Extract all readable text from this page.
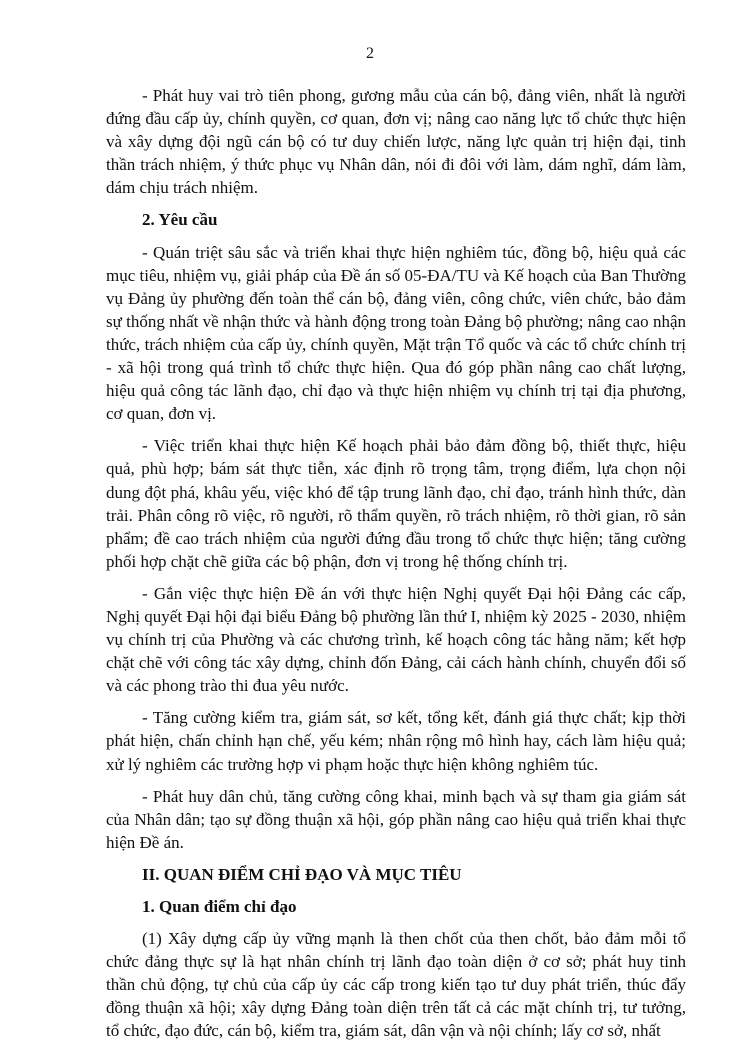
2

- Phát huy vai trò tiên phong, gương mẫu của cán bộ, đảng viên, nhất là người đứng đầu cấp ủy, chính quyền, cơ quan, đơn vị; nâng cao năng lực tổ chức thực hiện và xây dựng đội ngũ cán bộ có tư duy chiến lược, năng lực quản trị hiện đại, tinh thần trách nhiệm, ý thức phục vụ Nhân dân, nói đi đôi với làm, dám nghĩ, dám làm, dám chịu trách nhiệm.

2. Yêu cầu

- Quán triệt sâu sắc và triển khai thực hiện nghiêm túc, đồng bộ, hiệu quả các mục tiêu, nhiệm vụ, giải pháp của Đề án số 05-ĐA/TU và Kế hoạch của Ban Thường vụ Đảng ủy phường đến toàn thể cán bộ, đảng viên, công chức, viên chức, bảo đảm sự thống nhất về nhận thức và hành động trong toàn Đảng bộ phường; nâng cao nhận thức, trách nhiệm của cấp ủy, chính quyền, Mặt trận Tổ quốc và các tổ chức chính trị - xã hội trong quá trình tổ chức thực hiện. Qua đó góp phần nâng cao chất lượng, hiệu quả công tác lãnh đạo, chỉ đạo và thực hiện nhiệm vụ chính trị tại địa phương, cơ quan, đơn vị.

- Việc triển khai thực hiện Kế hoạch phải bảo đảm đồng bộ, thiết thực, hiệu quả, phù hợp; bám sát thực tiễn, xác định rõ trọng tâm, trọng điểm, lựa chọn nội dung đột phá, khâu yếu, việc khó để tập trung lãnh đạo, chỉ đạo, tránh hình thức, dàn trải. Phân công rõ việc, rõ người, rõ thẩm quyền, rõ trách nhiệm, rõ thời gian, rõ sản phẩm; đề cao trách nhiệm của người đứng đầu trong tổ chức thực hiện; tăng cường phối hợp chặt chẽ giữa các bộ phận, đơn vị trong hệ thống chính trị.

- Gắn việc thực hiện Đề án với thực hiện Nghị quyết Đại hội Đảng các cấp, Nghị quyết Đại hội đại biểu Đảng bộ phường lần thứ I, nhiệm kỳ 2025 - 2030, nhiệm vụ chính trị của Phường và các chương trình, kế hoạch công tác hằng năm; kết hợp chặt chẽ với công tác xây dựng, chỉnh đốn Đảng, cải cách hành chính, chuyển đổi số và các phong trào thi đua yêu nước.

- Tăng cường kiểm tra, giám sát, sơ kết, tổng kết, đánh giá thực chất; kịp thời phát hiện, chấn chỉnh hạn chế, yếu kém; nhân rộng mô hình hay, cách làm hiệu quả; xử lý nghiêm các trường hợp vi phạm hoặc thực hiện không nghiêm túc.

- Phát huy dân chủ, tăng cường công khai, minh bạch và sự tham gia giám sát của Nhân dân; tạo sự đồng thuận xã hội, góp phần nâng cao hiệu quả triển khai thực hiện Đề án.

II. QUAN ĐIỂM CHỈ ĐẠO VÀ MỤC TIÊU

1. Quan điểm chỉ đạo

(1) Xây dựng cấp ủy vững mạnh là then chốt của then chốt, bảo đảm mỗi tổ chức đảng thực sự là hạt nhân chính trị lãnh đạo toàn diện ở cơ sở; phát huy tinh thần chủ động, tự chủ của cấp ủy các cấp trong kiến tạo tư duy phát triển, thúc đẩy đồng thuận xã hội; xây dựng Đảng toàn diện trên tất cả các mặt chính trị, tư tưởng, tổ chức, đạo đức, cán bộ, kiểm tra, giám sát, dân vận và nội chính; lấy cơ sở, nhất
